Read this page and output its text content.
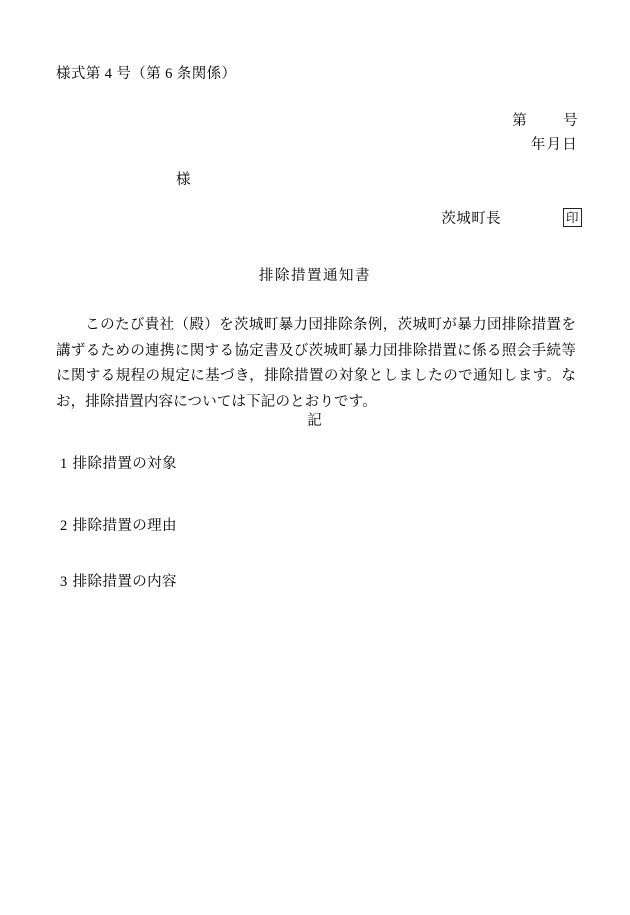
様式第 4 号（第 6 条関係）
第 号
年月日
様
茨城町長	印
排除措置通知書
このたび貴社（殿）を茨城町暴力団排除条例，茨城町が暴力団排除措置を講ずるための連携に関する協定書及び茨城町暴力団排除措置に係る照会手続等に関する規程の規定に基づき，排除措置の対象としましたので通知します。なお，排除措置内容については下記のとおりです。
記
1 排除措置の対象
2 排除措置の理由
3 排除措置の内容
